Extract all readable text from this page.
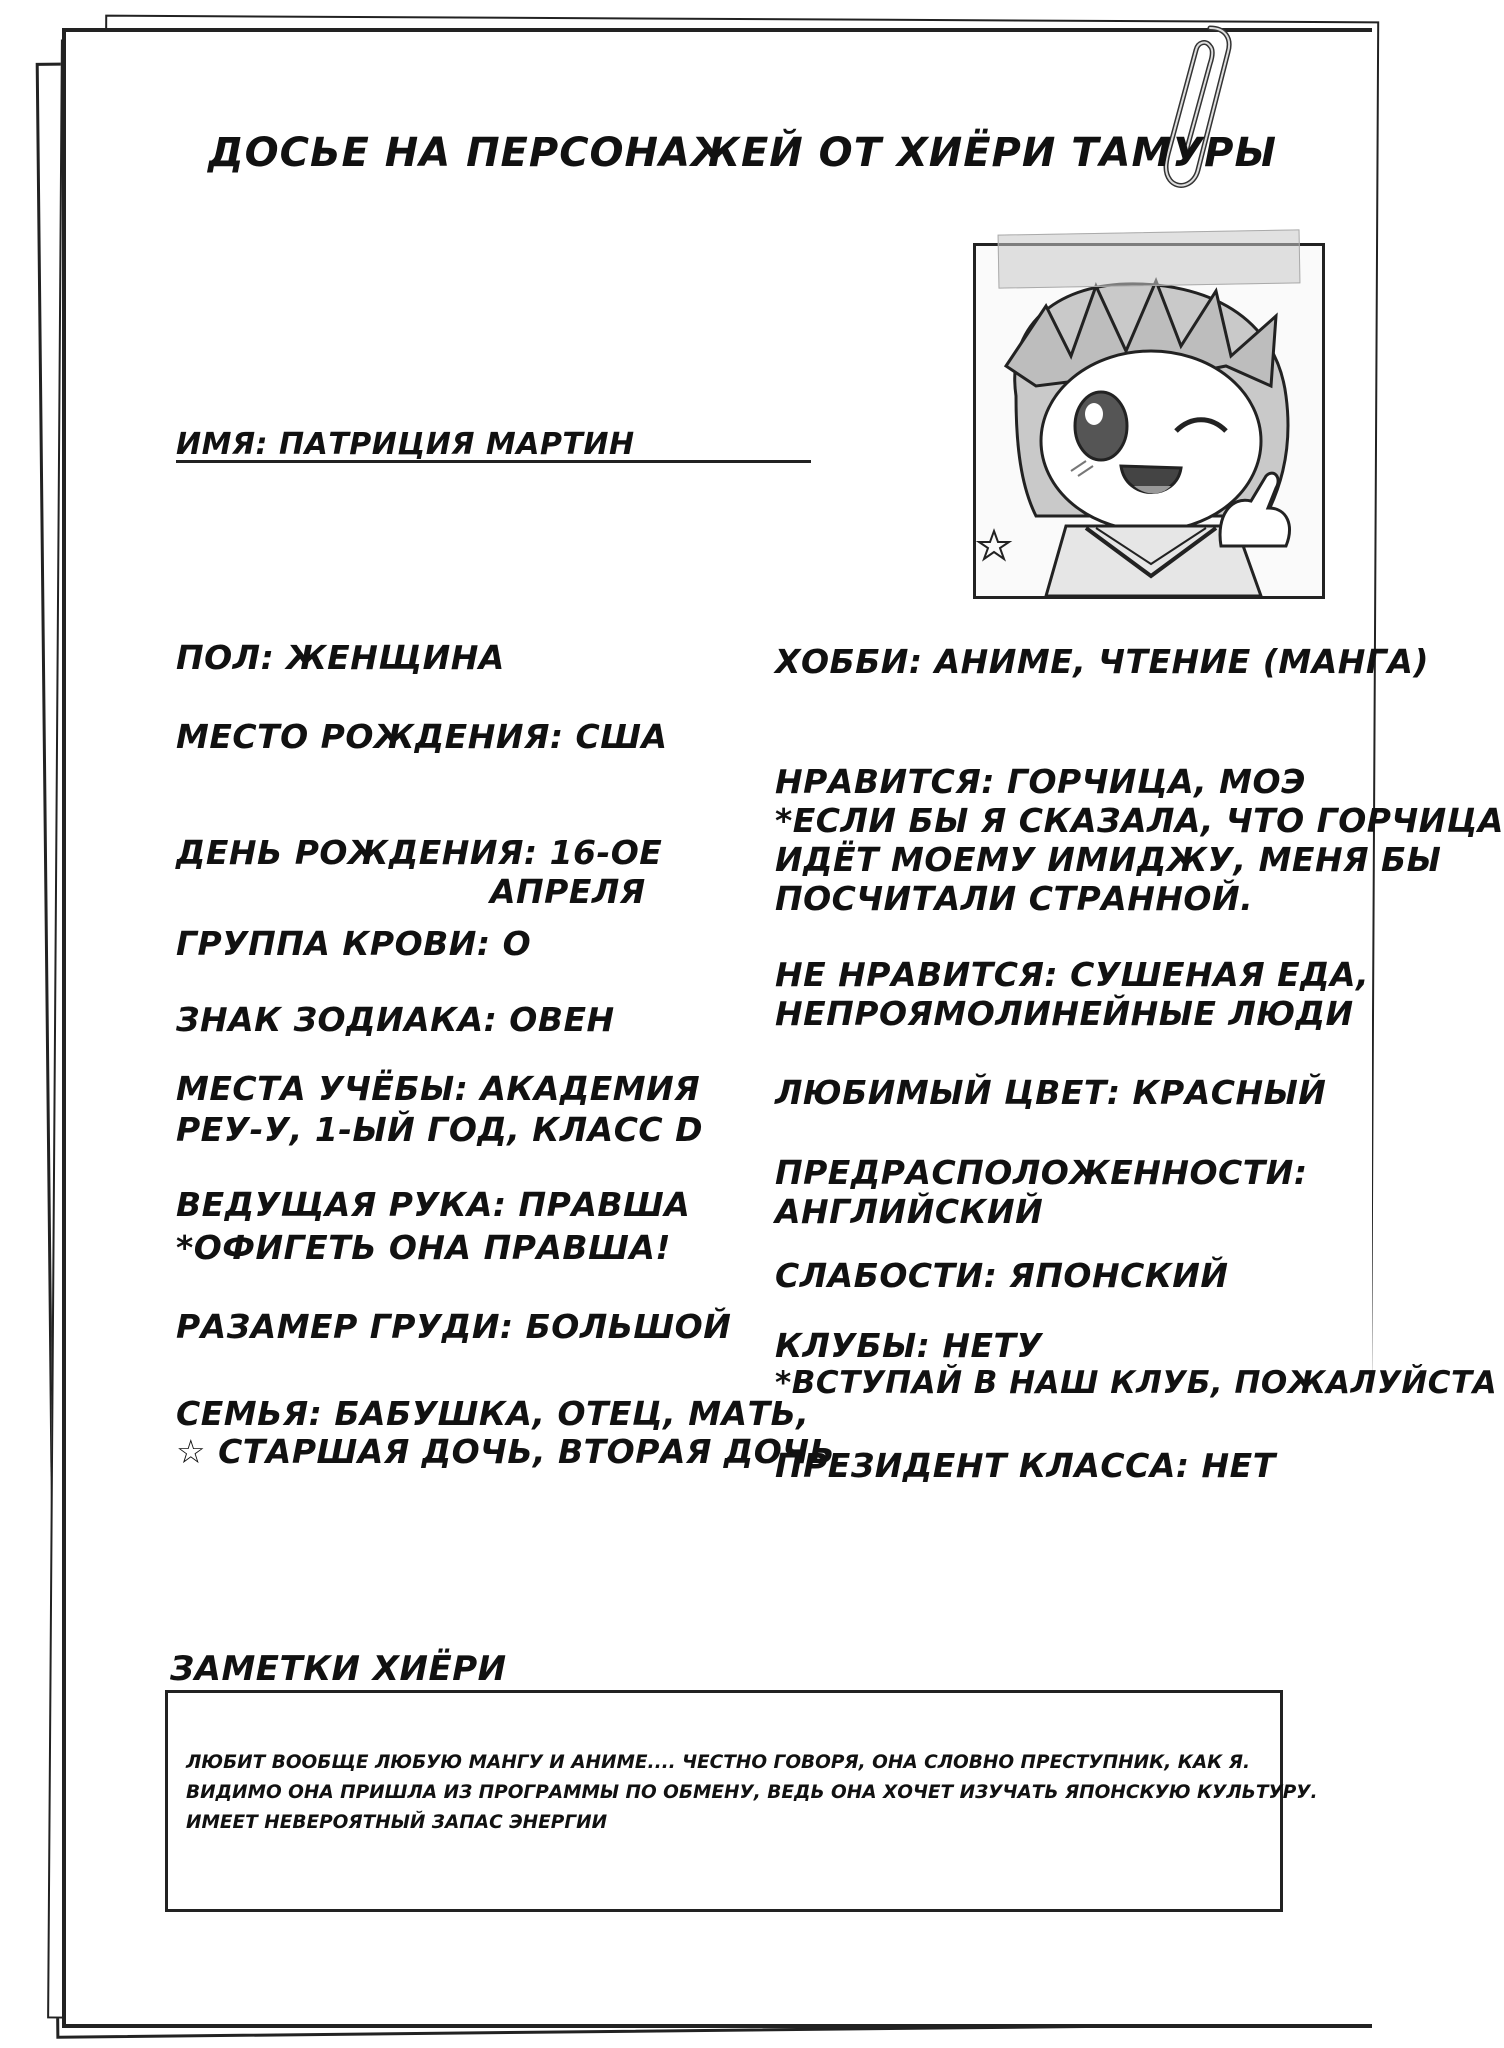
ДОСЬЕ НА ПЕРСОНАЖЕЙ ОТ ХИЁРИ ТАМУРЫ
ИМЯ: ПАТРИЦИЯ МАРТИН
ПОЛ: ЖЕНЩИНА
МЕСТО РОЖДЕНИЯ: США
ДЕНЬ РОЖДЕНИЯ: 16-ОЕ
АПРЕЛЯ
ГРУППА КРОВИ: О
ЗНАК ЗОДИАКА: ОВЕН
МЕСТА УЧЁБЫ: АКАДЕМИЯ
РЕУ-У, 1-ЫЙ ГОД, КЛАСС D
ВЕДУЩАЯ РУКА: ПРАВША
*ОФИГЕТЬ ОНА ПРАВША!
РАЗАМЕР ГРУДИ: БОЛЬШОЙ
СЕМЬЯ: БАБУШКА, ОТЕЦ, МАТЬ,
☆ СТАРШАЯ ДОЧЬ, ВТОРАЯ ДОЧЬ
ХОББИ: АНИМЕ, ЧТЕНИЕ (МАНГА)
НРАВИТСЯ: ГОРЧИЦА, МОЭ
*ЕСЛИ БЫ Я СКАЗАЛА, ЧТО ГОРЧИЦА
ИДЁТ МОЕМУ ИМИДЖУ, МЕНЯ БЫ
ПОСЧИТАЛИ СТРАННОЙ.
НЕ НРАВИТСЯ: СУШЕНАЯ ЕДА,
НЕПРОЯМОЛИНЕЙНЫЕ ЛЮДИ
ЛЮБИМЫЙ ЦВЕТ: КРАСНЫЙ
ПРЕДРАСПОЛОЖЕННОСТИ:
АНГЛИЙСКИЙ
СЛАБОСТИ: ЯПОНСКИЙ
КЛУБЫ: НЕТУ
*ВСТУПАЙ В НАШ КЛУБ, ПОЖАЛУЙСТА
ПРЕЗИДЕНТ КЛАССА: НЕТ
ЗАМЕТКИ ХИЁРИ
ЛЮБИТ ВООБЩЕ ЛЮБУЮ МАНГУ И АНИМЕ.... ЧЕСТНО ГОВОРЯ, ОНА СЛОВНО ПРЕСТУПНИК, КАК Я.
ВИДИМО ОНА ПРИШЛА ИЗ ПРОГРАММЫ ПО ОБМЕНУ, ВЕДЬ ОНА ХОЧЕТ ИЗУЧАТЬ ЯПОНСКУЮ КУЛЬТУРУ.
ИМЕЕТ НЕВЕРОЯТНЫЙ ЗАПАС ЭНЕРГИИ
